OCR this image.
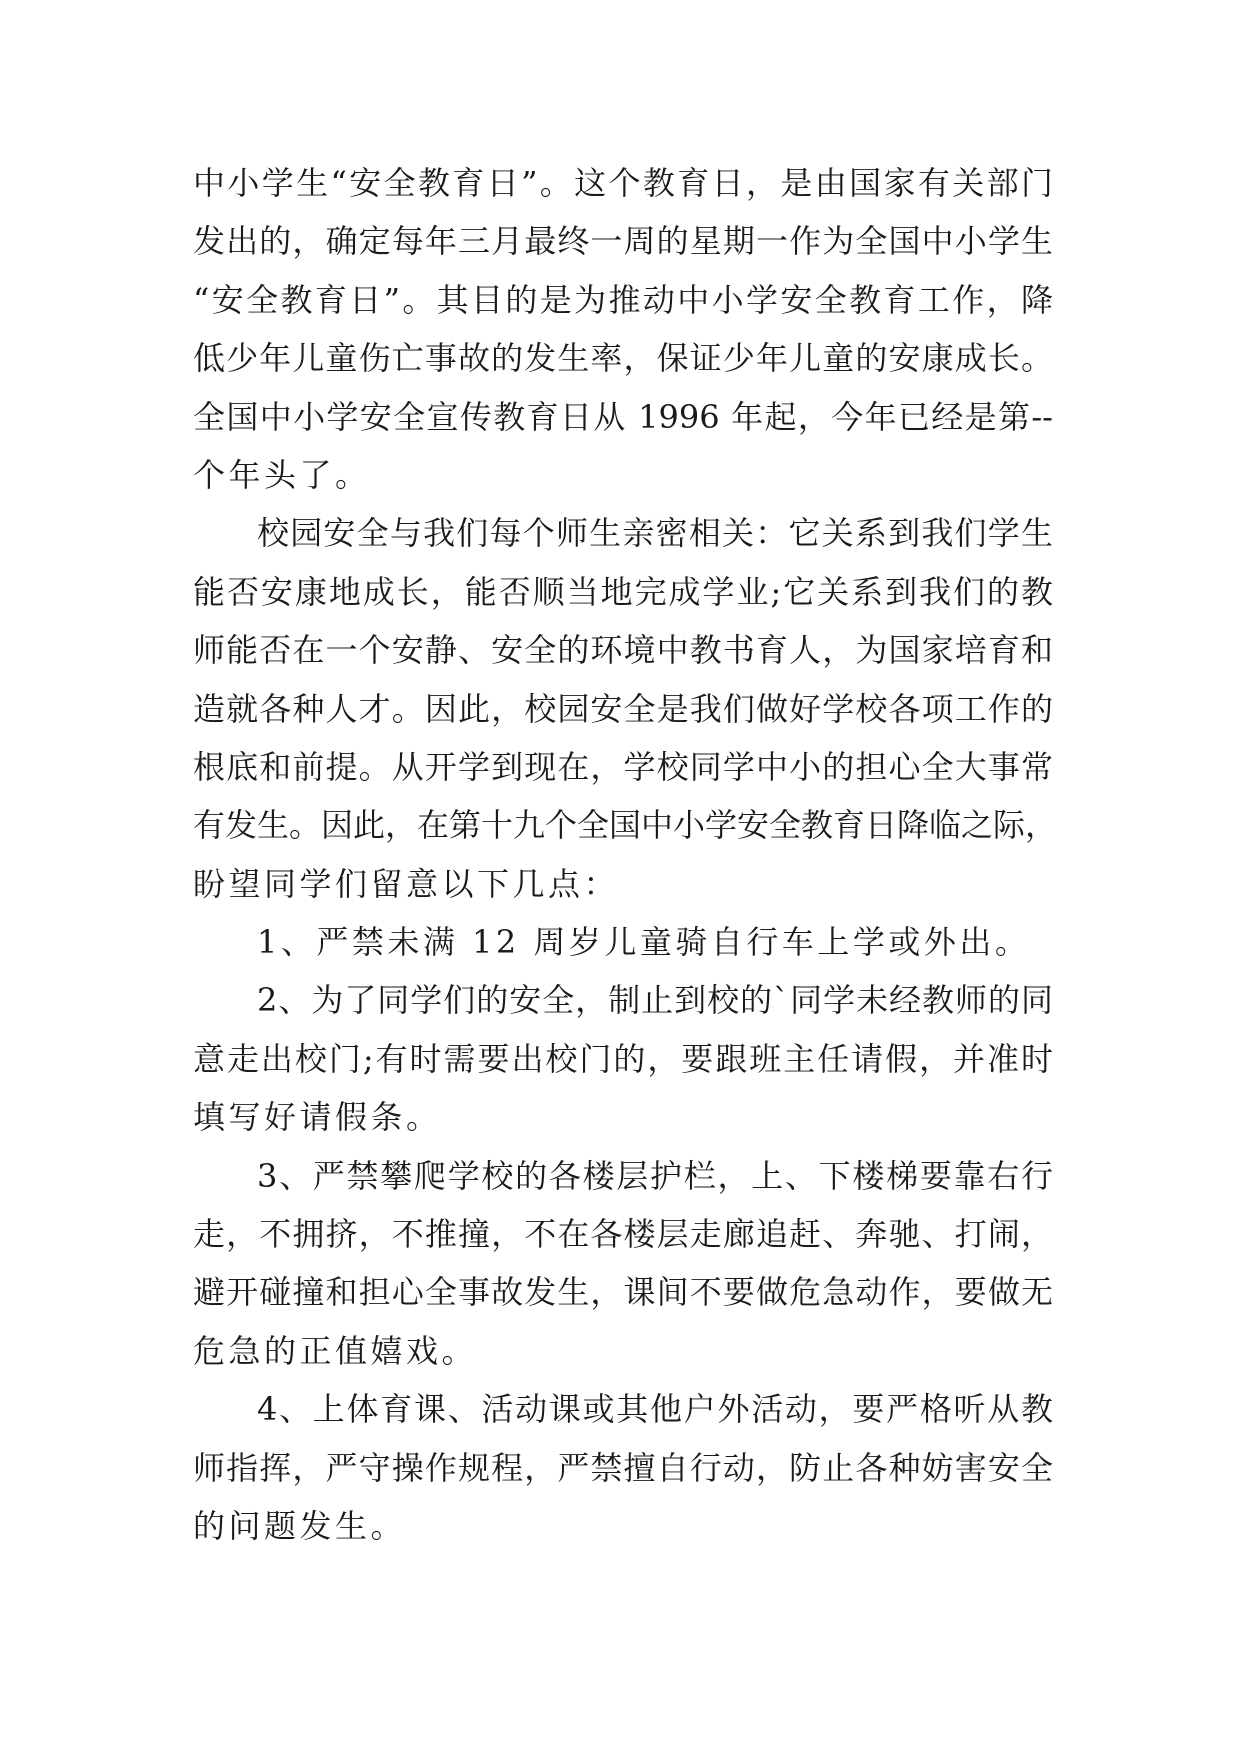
中小学生“安全教育日”。这个教育日，是由国家有关部门
发出的，确定每年三月最终一周的星期一作为全国中小学生
“安全教育日”。其目的是为推动中小学安全教育工作，降
低少年儿童伤亡事故的发生率，保证少年儿童的安康成长。
全国中小学安全宣传教育日从 1996 年起，今年已经是第--
个年头了。
校园安全与我们每个师生亲密相关：它关系到我们学生
能否安康地成长，能否顺当地完成学业;它关系到我们的教
师能否在一个安静、安全的环境中教书育人，为国家培育和
造就各种人才。因此，校园安全是我们做好学校各项工作的
根底和前提。从开学到现在，学校同学中小的担心全大事常
有发生。因此，在第十九个全国中小学安全教育日降临之际，
盼望同学们留意以下几点：
1、严禁未满 12 周岁儿童骑自行车上学或外出。
2、为了同学们的安全，制止到校的`同学未经教师的同
意走出校门;有时需要出校门的，要跟班主任请假，并准时
填写好请假条。
3、严禁攀爬学校的各楼层护栏，上、下楼梯要靠右行
走，不拥挤，不推撞，不在各楼层走廊追赶、奔驰、打闹，
避开碰撞和担心全事故发生，课间不要做危急动作，要做无
危急的正值嬉戏。
4、上体育课、活动课或其他户外活动，要严格听从教
师指挥，严守操作规程，严禁擅自行动，防止各种妨害安全
的问题发生。
